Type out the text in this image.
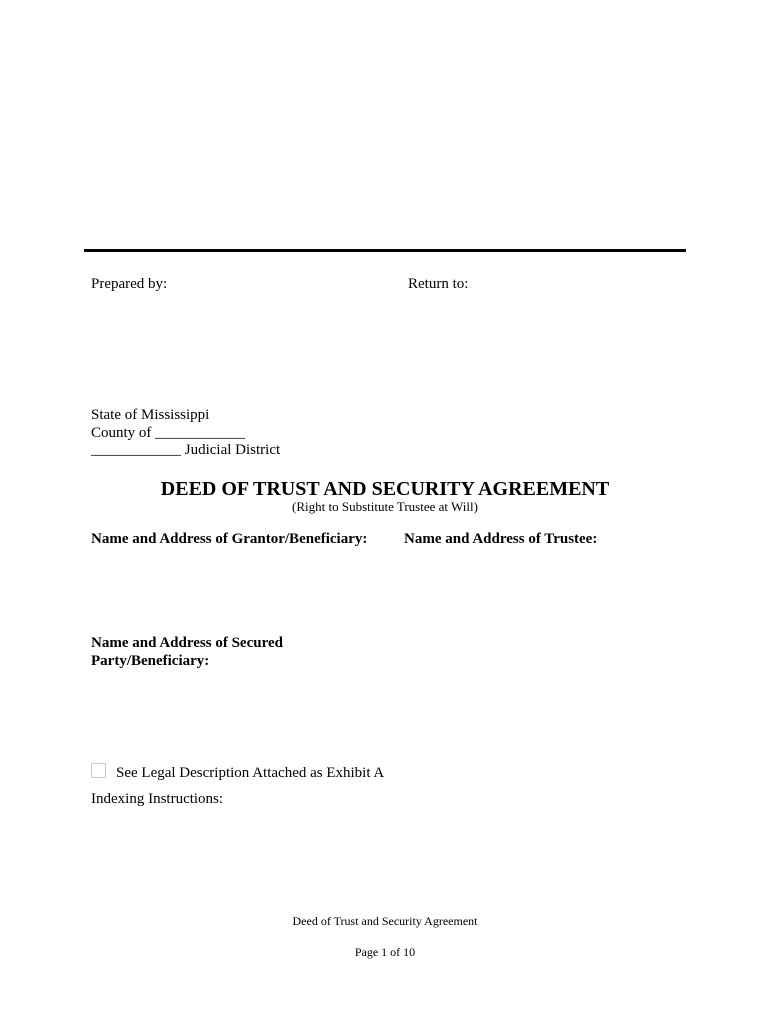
Prepared by:	Return to:
State of Mississippi
County of ____________
____________ Judicial District
DEED OF TRUST AND SECURITY AGREEMENT
(Right to Substitute Trustee at Will)
Name and Address of Grantor/Beneficiary: Name and Address of Trustee:
Name and Address of Secured
Party/Beneficiary:
See Legal Description Attached as Exhibit A
Indexing Instructions:
Deed of Trust and Security Agreement
Page 1 of 10
